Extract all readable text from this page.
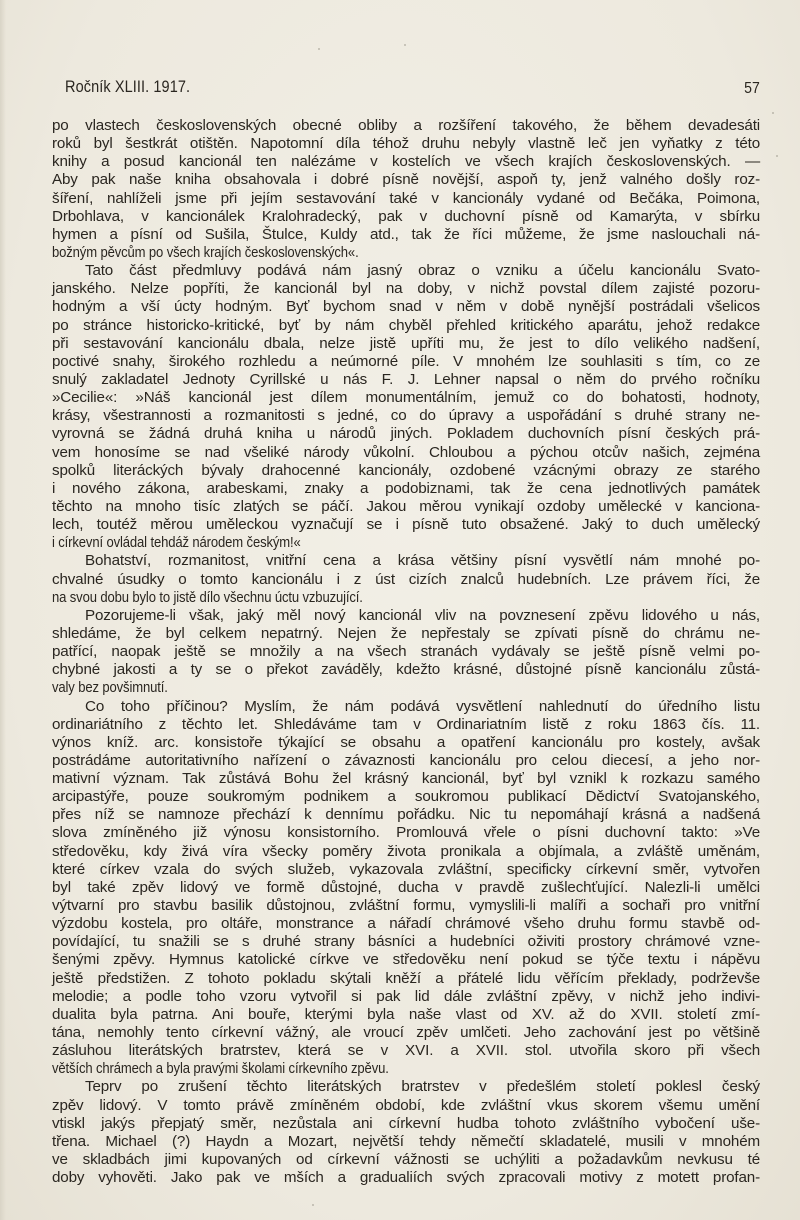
Ročník XLIII. 1917.	57
po vlastech československých obecné obliby a rozšíření takového, že během devadesáti
roků byl šestkrát otištěn. Napotomní díla téhož druhu nebyly vlastně leč jen vyňatky z této
knihy a posud kancionál ten nalézáme v kostelích ve všech krajích československých. —
Aby pak naše kniha obsahovala i dobré písně novější, aspoň ty, jenž valného došly roz-
šíření, nahlíželi jsme při jejím sestavování také v kancionály vydané od Bečáka, Poimona,
Drbohlava, v kancionálek Kralohradecký, pak v duchovní písně od Kamarýta, v sbírku
hymen a písní od Sušila, Štulce, Kuldy atd., tak že říci můžeme, že jsme naslouchali ná-
božným pěvcům po všech krajích československých«.
Tato část předmluvy podává nám jasný obraz o vzniku a účelu kancionálu Svato-
janského. Nelze popříti, že kancionál byl na doby, v nichž povstal dílem zajisté pozoru-
hodným a vší úcty hodným. Byť bychom snad v něm v době nynější postrádali všelicos
po stránce historicko-kritické, byť by nám chyběl přehled kritického aparátu, jehož redakce
při sestavování kancionálu dbala, nelze jistě upříti mu, že jest to dílo velikého nadšení,
poctivé snahy, širokého rozhledu a neúmorné píle. V mnohém lze souhlasiti s tím, co ze
snulý zakladatel Jednoty Cyrillské u nás F. J. Lehner napsal o něm do prvého ročníku
»Cecilie«: »Náš kancionál jest dílem monumentálním, jemuž co do bohatosti, hodnoty,
krásy, všestrannosti a rozmanitosti s jedné, co do úpravy a uspořádání s druhé strany ne-
vyrovná se žádná druhá kniha u národů jiných. Pokladem duchovních písní českých prá-
vem honosíme se nad všeliké národy vůkolní. Chloubou a pýchou otcův našich, zejména
spolků literáckých bývaly drahocenné kancionály, ozdobené vzácnými obrazy ze starého
i nového zákona, arabeskami, znaky a podobiznami, tak že cena jednotlivých památek
těchto na mnoho tisíc zlatých se páčí. Jakou měrou vynikají ozdoby umělecké v kanciona-
lech, toutéž měrou uměleckou vyznačují se i písně tuto obsažené. Jaký to duch umělecký
i církevní ovládal tehdáž národem českým!«
Bohatství, rozmanitost, vnitřní cena a krása většiny písní vysvětlí nám mnohé po-
chvalné úsudky o tomto kancionálu i z úst cizích znalců hudebních. Lze právem říci, že
na svou dobu bylo to jistě dílo všechnu úctu vzbuzující.
Pozorujeme-li však, jaký měl nový kancionál vliv na povznesení zpěvu lidového u nás,
shledáme, že byl celkem nepatrný. Nejen že nepřestaly se zpívati písně do chrámu ne-
patřící, naopak ještě se množily a na všech stranách vydávaly se ještě písně velmi po-
chybné jakosti a ty se o překot zaváděly, kdežto krásné, důstojné písně kancionálu zůstá-
valy bez povšimnutí.
Co toho příčinou? Myslím, že nám podává vysvětlení nahlednutí do úředního listu
ordinariátního z těchto let. Shledáváme tam v Ordinariatním listě z roku 1863 čís. 11.
výnos kníž. arc. konsistoře týkající se obsahu a opatření kancionálu pro kostely, avšak
postrádáme autoritativního nařízení o závaznosti kancionálu pro celou diecesí, a jeho nor-
mativní význam. Tak zůstává Bohu žel krásný kancionál, byť byl vznikl k rozkazu samého
arcipastýře, pouze soukromým podnikem a soukromou publikací Dědictví Svatojanského,
přes níž se namnoze přechází k dennímu pořádku. Nic tu nepomáhají krásná a nadšená
slova zmíněného již výnosu konsistorního. Promlouvá vřele o písni duchovní takto: »Ve
středověku, kdy živá víra všecky poměry života pronikala a objímala, a zvláště uměnám,
které církev vzala do svých služeb, vykazovala zvláštní, specificky církevní směr, vytvořen
byl také zpěv lidový ve formě důstojné, ducha v pravdě zušlechťující. Nalezli-li umělci
výtvarní pro stavbu basilik důstojnou, zvláštní formu, vymyslili-li malíři a sochaři pro vnitřní
výzdobu kostela, pro oltáře, monstrance a nářadí chrámové všeho druhu formu stavbě od-
povídající, tu snažili se s druhé strany básníci a hudebníci oživiti prostory chrámové vzne-
šenými zpěvy. Hymnus katolické církve ve středověku není pokud se týče textu i nápěvu
ještě předstižen. Z tohoto pokladu skýtali kněží a přátelé lidu věřícím překlady, podrževše
melodie; a podle toho vzoru vytvořil si pak lid dále zvláštní zpěvy, v nichž jeho indivi-
dualita byla patrna. Ani bouře, kterými byla naše vlast od XV. až do XVII. století zmí-
tána, nemohly tento církevní vážný, ale vroucí zpěv umlčeti. Jeho zachování jest po většině
zásluhou literátských bratrstev, která se v XVI. a XVII. stol. utvořila skoro při všech
větších chrámech a byla pravými školami církevního zpěvu.
Teprv po zrušení těchto literátských bratrstev v předešlém století poklesl český
zpěv lidový. V tomto právě zmíněném období, kde zvláštní vkus skorem všemu umění
vtiskl jakýs přepjatý směr, nezůstala ani církevní hudba tohoto zvláštního vybočení uše-
třena. Michael (?) Haydn a Mozart, největší tehdy němečtí skladatelé, musili v mnohém
ve skladbách jimi kupovaných od církevní vážnosti se uchýliti a požadavkům nevkusu té
doby vyhověti. Jako pak ve mších a gradualiích svých zpracovali motivy z motett profan-
